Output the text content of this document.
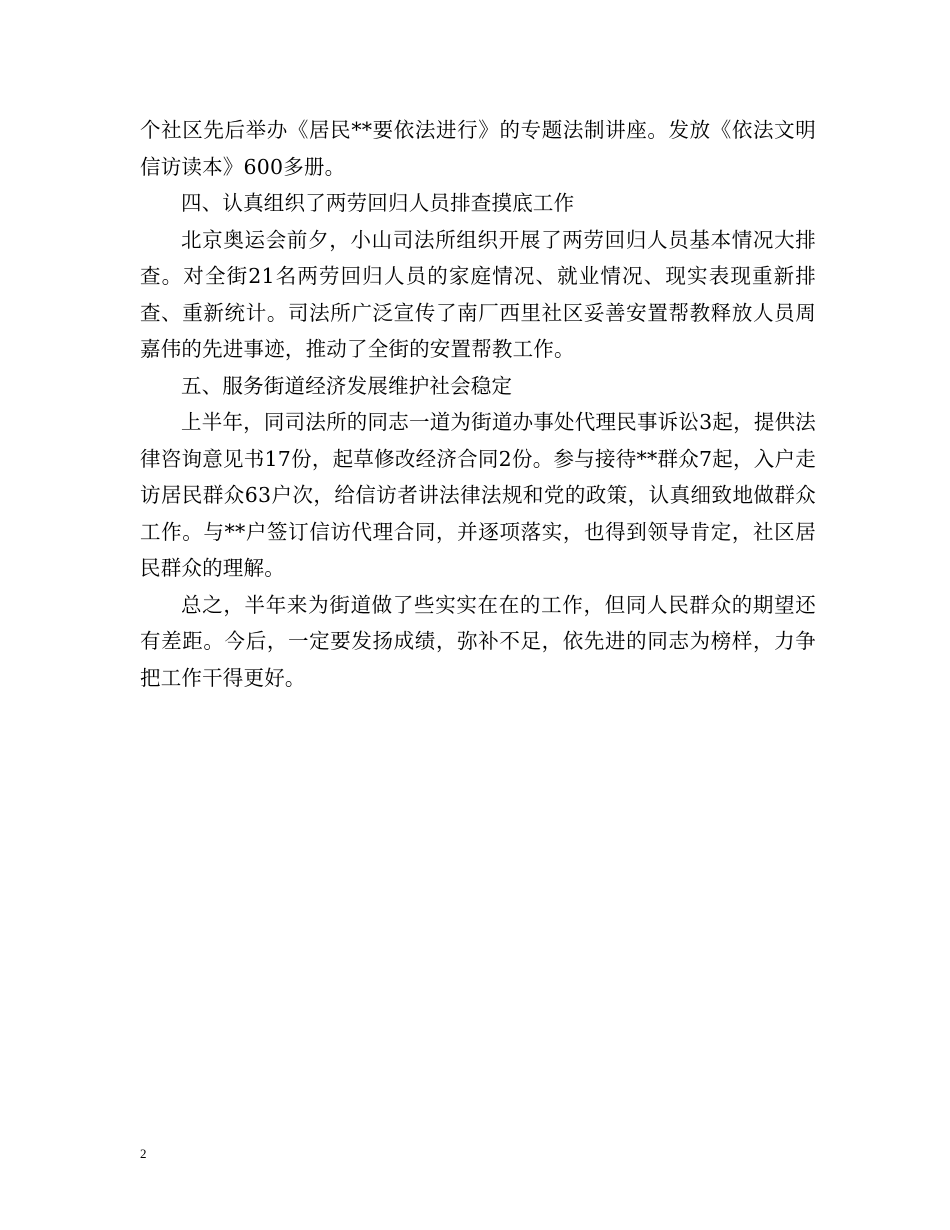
个社区先后举办《居民**要依法进行》的专题法制讲座。发放《依法文明信访读本》600多册。

四、认真组织了两劳回归人员排查摸底工作

北京奥运会前夕，小山司法所组织开展了两劳回归人员基本情况大排查。对全街21名两劳回归人员的家庭情况、就业情况、现实表现重新排查、重新统计。司法所广泛宣传了南厂西里社区妥善安置帮教释放人员周嘉伟的先进事迹，推动了全街的安置帮教工作。

五、服务街道经济发展维护社会稳定

上半年，同司法所的同志一道为街道办事处代理民事诉讼3起，提供法律咨询意见书17份，起草修改经济合同2份。参与接待**群众7起，入户走访居民群众63户次，给信访者讲法律法规和党的政策，认真细致地做群众工作。与**户签订信访代理合同，并逐项落实，也得到领导肯定，社区居民群众的理解。

总之，半年来为街道做了些实实在在的工作，但同人民群众的期望还有差距。今后，一定要发扬成绩，弥补不足，依先进的同志为榜样，力争把工作干得更好。

2
